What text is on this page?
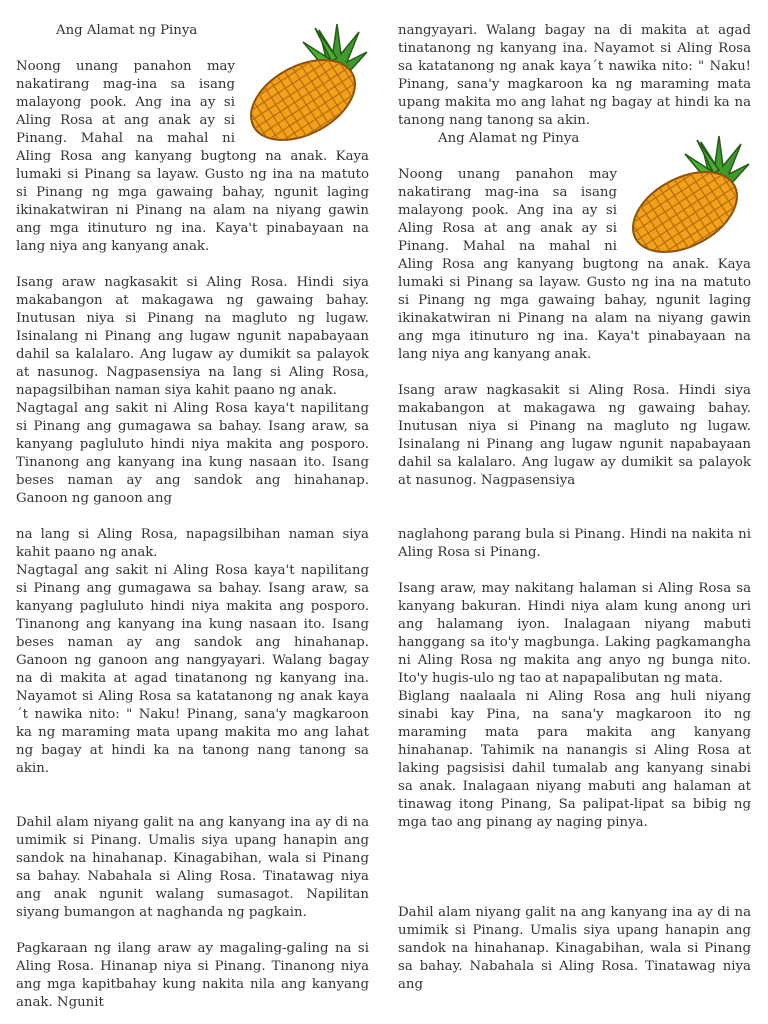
Ang Alamat ng Pinya

Noong unang panahon may nakatirang mag-ina sa isang malayong pook. Ang ina ay si Aling Rosa at ang anak ay si Pinang. Mahal na mahal ni Aling Rosa ang kanyang bugtong na anak. Kaya lumaki si Pinang sa layaw. Gusto ng ina na matuto si Pinang ng mga gawaing bahay, ngunit laging ikinakatwiran ni Pinang na alam na niyang gawin ang mga itinuturo ng ina. Kaya't pinabayaan na lang niya ang kanyang anak.

Isang araw nagkasakit si Aling Rosa. Hindi siya makabangon at makagawa ng gawaing bahay. Inutusan niya si Pinang na magluto ng lugaw. Isinalang ni Pinang ang lugaw ngunit napabayaan dahil sa kalalaro. Ang lugaw ay dumikit sa palayok at nasunog. Nagpasensiya na lang si Aling Rosa, napagsilbihan naman siya kahit paano ng anak.

Nagtagal ang sakit ni Aling Rosa kaya't napilitang si Pinang ang gumagawa sa bahay. Isang araw, sa kanyang pagluluto hindi niya makita ang posporo. Tinanong ang kanyang ina kung nasaan ito. Isang beses naman ay ang sandok ang hinahanap. Ganoon ng ganoon ang

nangyayari. Walang bagay na di makita at agad tinatanong ng kanyang ina. Nayamot si Aling Rosa sa katatanong ng anak kaya´t nawika nito: " Naku! Pinang, sana'y magkaroon ka ng maraming mata upang makita mo ang lahat ng bagay at hindi ka na tanong nang tanong sa akin.

Ang Alamat ng Pinya

Noong unang panahon may nakatirang mag-ina sa isang malayong pook. Ang ina ay si Aling Rosa at ang anak ay si Pinang. Mahal na mahal ni Aling Rosa ang kanyang bugtong na anak. Kaya lumaki si Pinang sa layaw. Gusto ng ina na matuto si Pinang ng mga gawaing bahay, ngunit laging ikinakatwiran ni Pinang na alam na niyang gawin ang mga itinuturo ng ina. Kaya't pinabayaan na lang niya ang kanyang anak.

Isang araw nagkasakit si Aling Rosa. Hindi siya makabangon at makagawa ng gawaing bahay. Inutusan niya si Pinang na magluto ng lugaw. Isinalang ni Pinang ang lugaw ngunit napabayaan dahil sa kalalaro. Ang lugaw ay dumikit sa palayok at nasunog. Nagpasensiya

na lang si Aling Rosa, napagsilbihan naman siya kahit paano ng anak.

Nagtagal ang sakit ni Aling Rosa kaya't napilitang si Pinang ang gumagawa sa bahay. Isang araw, sa kanyang pagluluto hindi niya makita ang posporo. Tinanong ang kanyang ina kung nasaan ito. Isang beses naman ay ang sandok ang hinahanap. Ganoon ng ganoon ang nangyayari. Walang bagay na di makita at agad tinatanong ng kanyang ina. Nayamot si Aling Rosa sa katatanong ng anak kaya´t nawika nito: " Naku! Pinang, sana'y magkaroon ka ng maraming mata upang makita mo ang lahat ng bagay at hindi ka na tanong nang tanong sa akin.

Dahil alam niyang galit na ang kanyang ina ay di na umimik si Pinang. Umalis siya upang hanapin ang sandok na hinahanap. Kinagabihan, wala si Pinang sa bahay. Nabahala si Aling Rosa. Tinatawag niya ang anak ngunit walang sumasagot. Napilitan siyang bumangon at naghanda ng pagkain.

Pagkaraan ng ilang araw ay magaling-galing na si Aling Rosa. Hinanap niya si Pinang. Tinanong niya ang mga kapitbahay kung nakita nila ang kanyang anak. Ngunit

naglahong parang bula si Pinang. Hindi na nakita ni Aling Rosa si Pinang.

Isang araw, may nakitang halaman si Aling Rosa sa kanyang bakuran. Hindi niya alam kung anong uri ang halamang iyon. Inalagaan niyang mabuti hanggang sa ito'y magbunga. Laking pagkamangha ni Aling Rosa ng makita ang anyo ng bunga nito. Ito'y hugis-ulo ng tao at napapalibutan ng mata.

Biglang naalaala ni Aling Rosa ang huli niyang sinabi kay Pina, na sana'y magkaroon ito ng maraming mata para makita ang kanyang hinahanap. Tahimik na nanangis si Aling Rosa at laking pagsisisi dahil tumalab ang kanyang sinabi sa anak. Inalagaan niyang mabuti ang halaman at tinawag itong Pinang, Sa palipat-lipat sa bibig ng mga tao ang pinang ay naging pinya.

Dahil alam niyang galit na ang kanyang ina ay di na umimik si Pinang. Umalis siya upang hanapin ang sandok na hinahanap. Kinagabihan, wala si Pinang sa bahay. Nabahala si Aling Rosa. Tinatawag niya ang
